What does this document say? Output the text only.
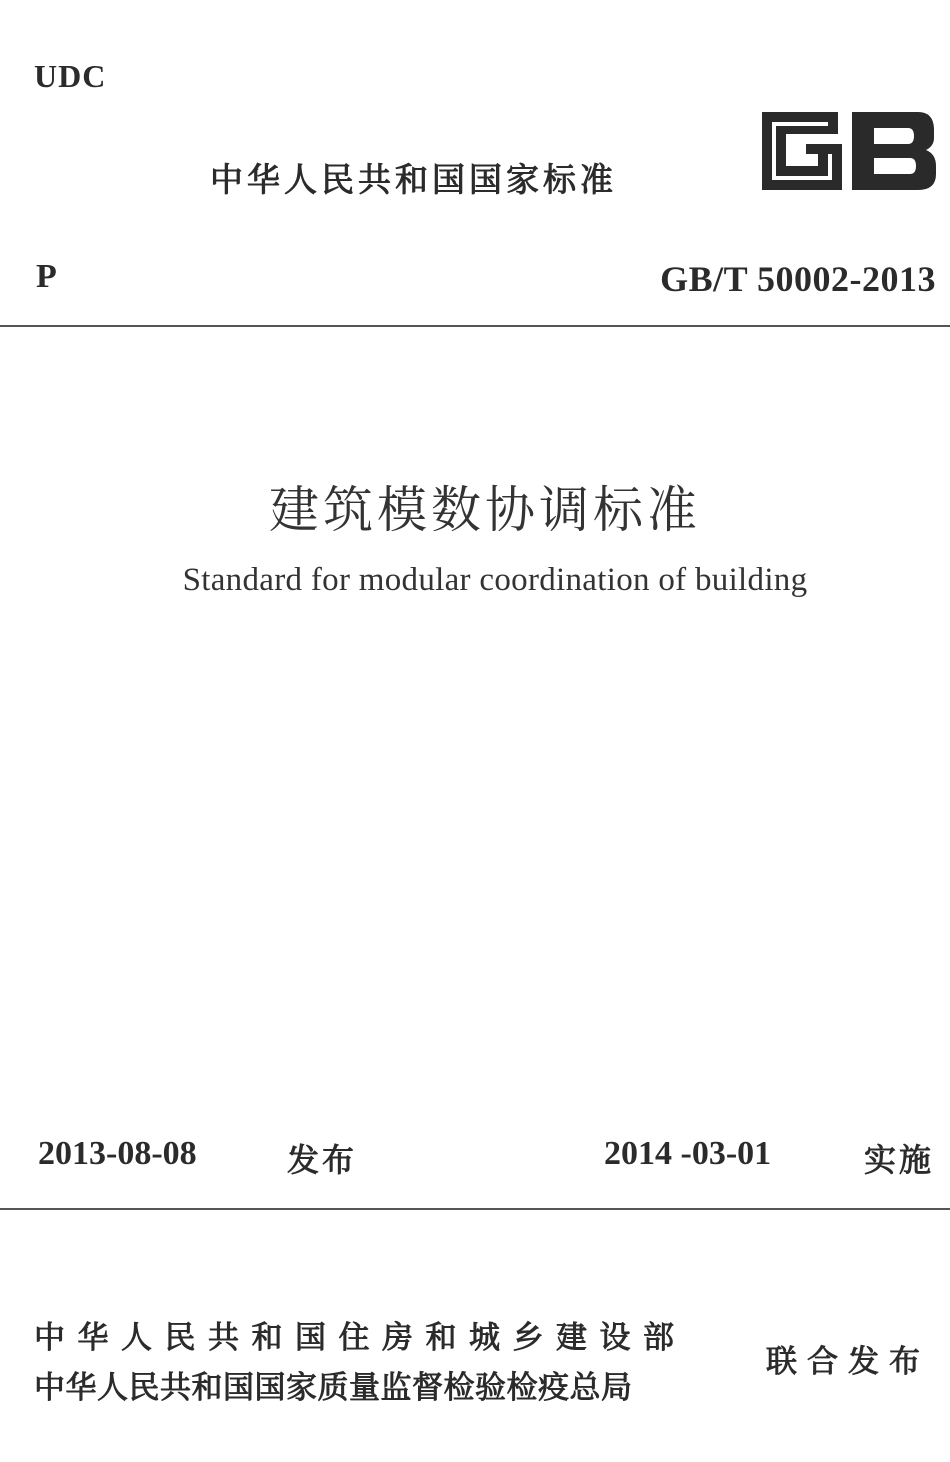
UDC
中华人民共和国国家标准
P	GB/T 50002-2013
建筑模数协调标准
Standard for modular coordination of building
2013-08-08	发布	2014 -03-01	实施
中华人民共和国住房和城乡建设部
中华人民共和国国家质量监督检验检疫总局
联合发布
